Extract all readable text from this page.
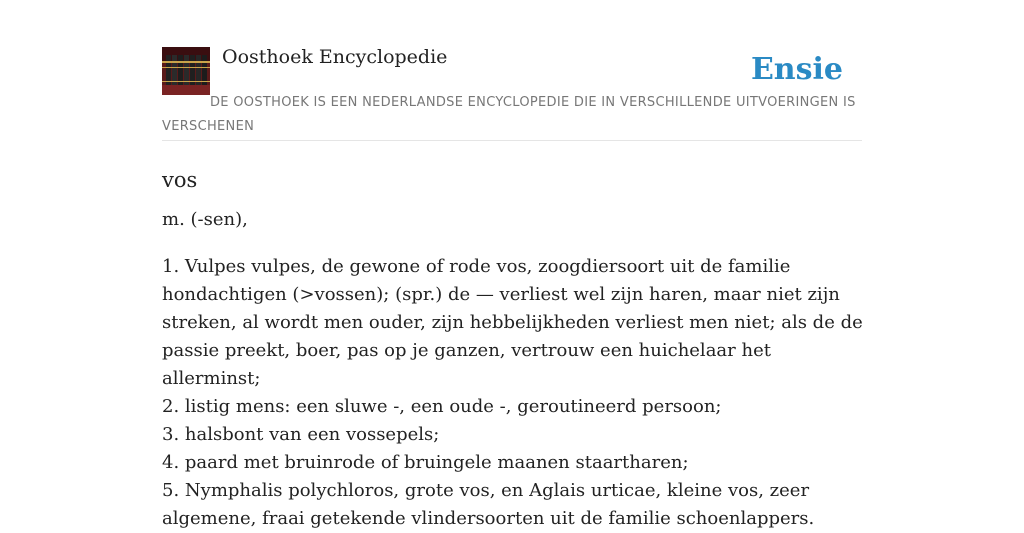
Oosthoek Encyclopedie	Ensie
DE OOSTHOEK IS EEN NEDERLANDSE ENCYCLOPEDIE DIE IN VERSCHILLENDE UITVOERINGEN IS VERSCHENEN
vos

m. (-sen),

1. Vulpes vulpes, de gewone of rode vos, zoogdiersoort uit de familie hondachtigen (>vossen); (spr.) de — verliest wel zijn haren, maar niet zijn streken, al wordt men ouder, zijn hebbelijkheden verliest men niet; als de de passie preekt, boer, pas op je ganzen, vertrouw een huichelaar het allerminst;
2. listig mens: een sluwe -, een oude -, geroutineerd persoon;
3. halsbont van een vossepels;
4. paard met bruinrode of bruingele maanen staartharen;
5. Nymphalis polychloros, grote vos, en Aglais urticae, kleine vos, zeer algemene, fraai getekende vlindersoorten uit de familie schoenlappers.
